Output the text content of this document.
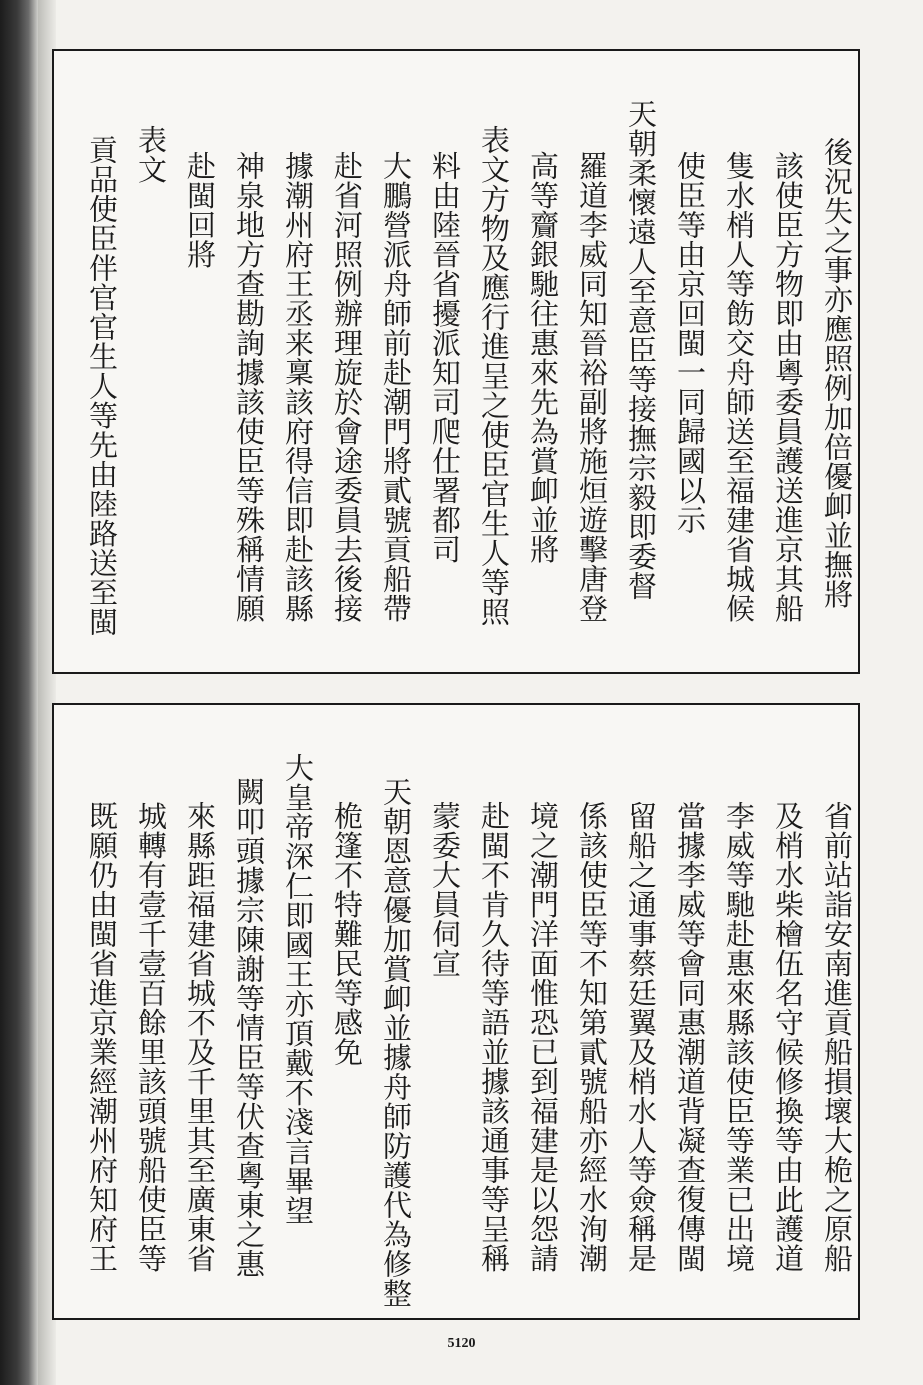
後況失之事亦應照例加倍優卹並撫將
該使臣方物即由粵委員護送進京其船
隻水梢人等飭交舟師送至福建省城候
使臣等由京回閩一同歸國以示
天朝柔懷遠人至意臣等接撫宗毅即委督
羅道李威同知晉裕副將施烜遊擊唐登
高等齎銀馳往惠來先為賞卹並將
表文方物及應行進呈之使臣官生人等照
料由陸晉省擾派知司爬仕署都司
大鵬營派舟師前赴潮門將貳號貢船帶
赴省河照例辦理旋於會途委員去後接
據潮州府王丞来稟該府得信即赴該縣
神泉地方查勘詢據該使臣等殊稱情願
赴閩回將
表文
貢品使臣伴官官生人等先由陸路送至閩
省前站詣安南進貢船損壞大桅之原船
及梢水柴檜伍名守候修換等由此護道
李威等馳赴惠來縣該使臣等業已出境
當據李威等會同惠潮道背凝查復傳閩
留船之通事蔡廷翼及梢水人等僉稱是
係該使臣等不知第貳號船亦經水洵潮
境之潮門洋面惟恐已到福建是以怨請
赴閩不肯久待等語並據該通事等呈稱
蒙委大員伺宣
天朝恩意優加賞卹並據舟師防護代為修整
桅篷不特難民等感免
大皇帝深仁即國王亦頂戴不淺言畢望
闕叩頭據宗陳謝等情臣等伏查粵東之惠
來縣距福建省城不及千里其至廣東省
城轉有壹千壹百餘里該頭號船使臣等
既願仍由閩省進京業經潮州府知府王
5120
